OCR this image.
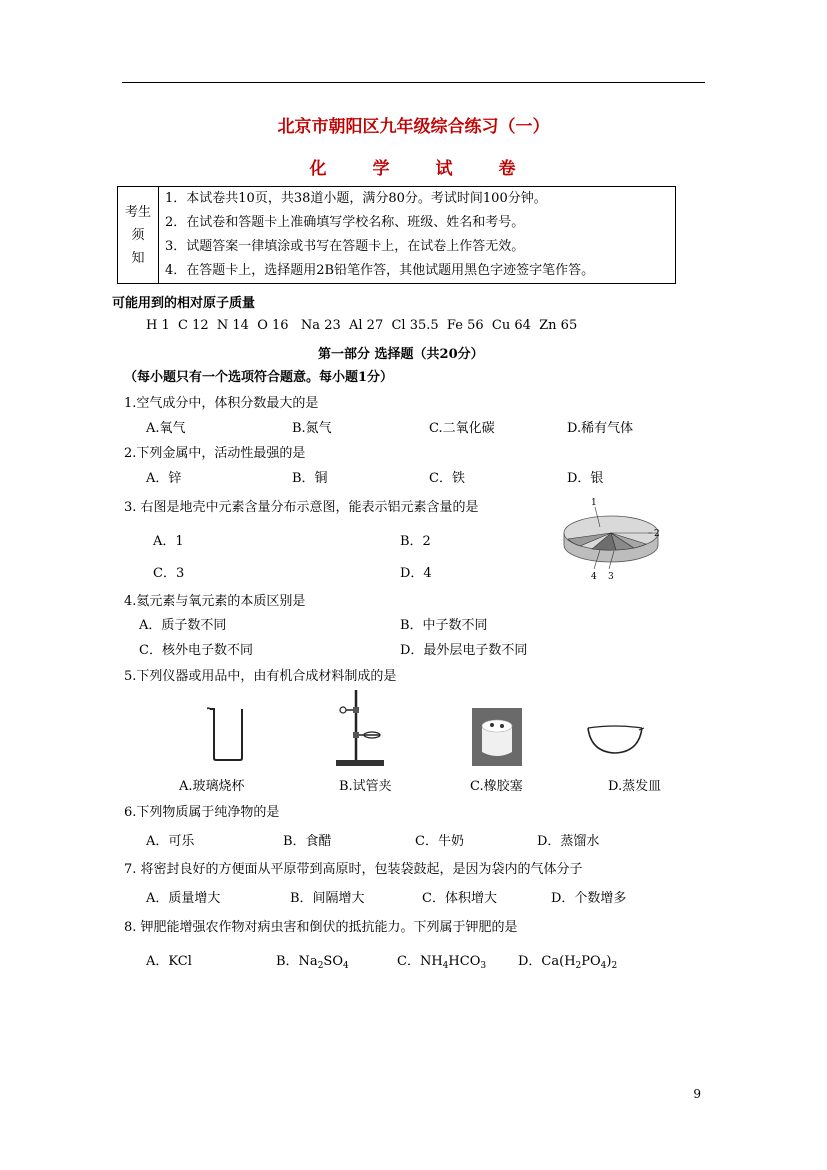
北京市朝阳区九年级综合练习（一）
化	学	试	卷
考生
须
知

1．本试卷共10页，共38道小题，满分80分。考试时间100分钟。
2．在试卷和答题卡上准确填写学校名称、班级、姓名和考号。
3．试题答案一律填涂或书写在答题卡上，在试卷上作答无效。
4．在答题卡上，选择题用2B铅笔作答，其他试题用黑色字迹签字笔作答。
可能用到的相对原子质量
H 1  C 12  N 14  O 16   Na 23  Al 27  Cl 35.5  Fe 56  Cu 64  Zn 65
第一部分 选择题（共20分）
（每小题只有一个选项符合题意。每小题1分）
1.空气成分中，体积分数最大的是
A.氧气	B.氮气	C.二氧化碳	D.稀有气体
2.下列金属中，活动性最强的是
A．锌	B．铜	C．铁	D．银
3. 右图是地壳中元素含量分布示意图，能表示铝元素含量的是
A．1	B．2
C．3	D．4
1
2
3
4
4.氦元素与氧元素的本质区别是
A．质子数不同	B．中子数不同
C．核外电子数不同	D．最外层电子数不同
5.下列仪器或用品中，由有机合成材料制成的是
A.玻璃烧杯	B.试管夹	C.橡胶塞	D.蒸发皿
6.下列物质属于纯净物的是
A．可乐	B．食醋	C．牛奶	D．蒸馏水
7. 将密封良好的方便面从平原带到高原时，包装袋鼓起，是因为袋内的气体分子
A．质量增大	B．间隔增大	C．体积增大	D．个数增多
8. 钾肥能增强农作物对病虫害和倒伏的抵抗能力。下列属于钾肥的是
A．KCl	B．$Na_2SO_4$	C．$NH_4HCO_3$ D．$Ca(H_2PO_4)_2$
9
